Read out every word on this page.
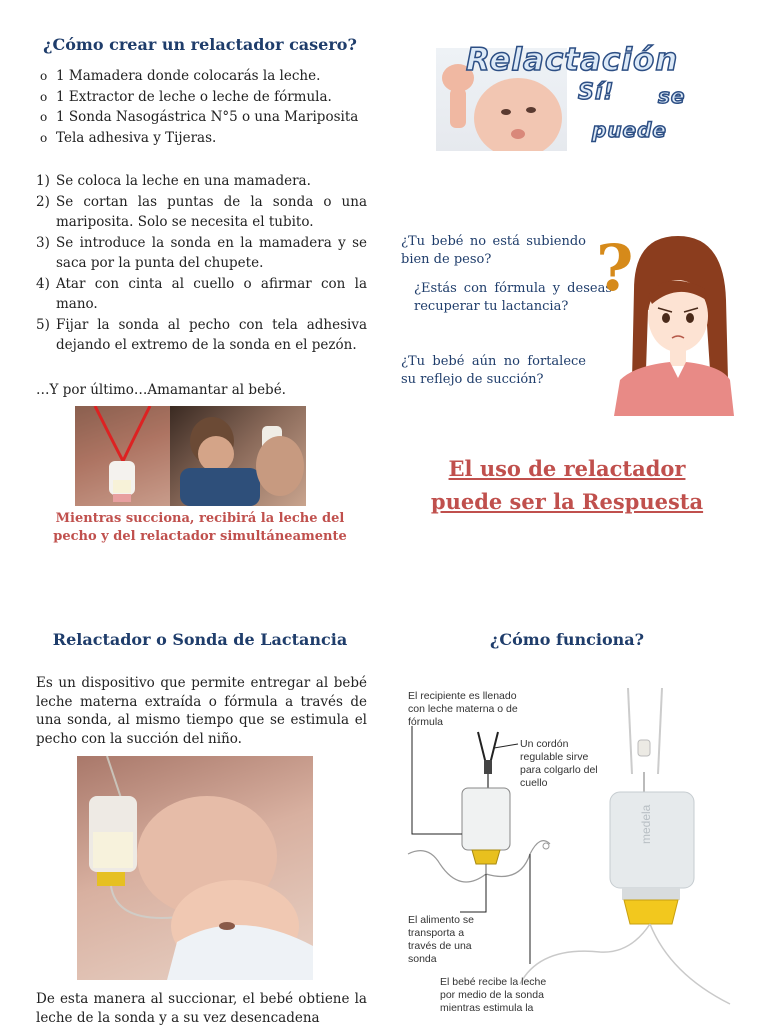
¿Cómo crear un relactador casero?
o 1 Mamadera donde colocarás la leche.
o 1 Extractor de leche o leche de fórmula.
o 1 Sonda Nasogástrica N°5 o una Mariposita
o Tela adhesiva y Tijeras.
1) Se coloca la leche en una mamadera.
2) Se cortan las puntas de la sonda o una mariposita. Solo se necesita el tubito.
3) Se introduce la sonda en la mamadera y se saca por la punta del chupete.
4) Atar con cinta al cuello o afirmar con la mano.
5) Fijar la sonda al pecho con tela adhesiva dejando el extremo de la sonda en el pezón.
…Y por último…Amamantar al bebé.
Mientras succiona, recibirá la leche del pecho y del relactador simultáneamente
Relactación
Sí! se
puede
¿Tu bebé no está subiendo bien de peso?
¿Estás con fórmula y deseas recuperar tu lactancia?
¿Tu bebé aún no fortalece su reflejo de succión?
?
El uso de relactador
puede ser la Respuesta
Relactador o Sonda de Lactancia
Es un dispositivo que permite entregar al bebé leche materna extraída o fórmula a través de una sonda, al mismo tiempo que se estimula el pecho con la succión del niño.
De esta manera al succionar, el bebé obtiene la leche de la sonda y a su vez desencadena
¿Cómo funciona?
El recipiente es llenado con leche materna o de fórmula
Un cordón regulable sirve para colgarlo del cuello
El alimento se transporta a través de una sonda
El bebé recibe la leche por medio de la sonda mientras estimula la
medela
